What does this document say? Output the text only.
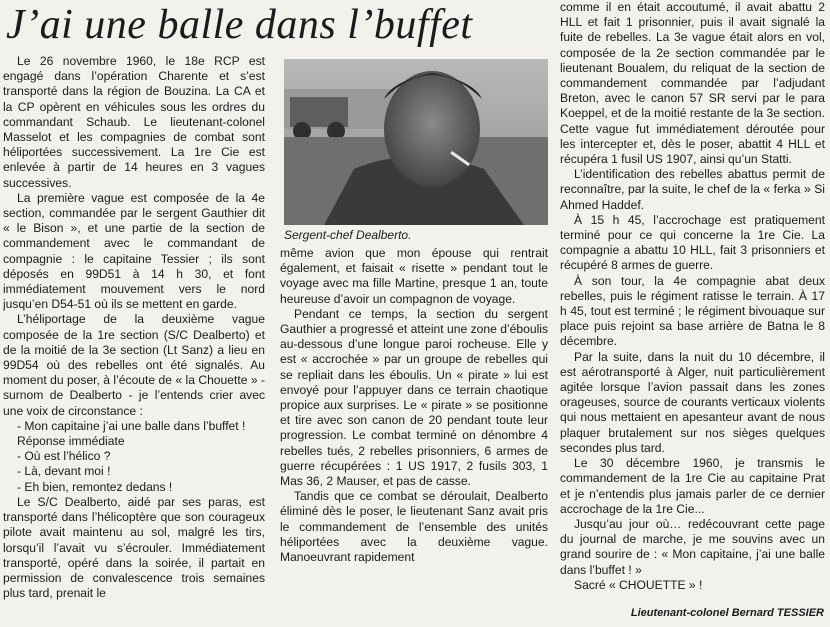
J’ai une balle dans l’buffet

Le 26 novembre 1960, le 18e RCP est engagé dans l’opération Charente et s’est transporté dans la région de Bouzina. La CA et la CP opèrent en véhicules sous les ordres du commandant Schaub. Le lieutenant-colonel Masselot et les compagnies de combat sont héliportées successivement. La 1re Cie est enlevée à partir de 14 heures en 3 vagues successives.

La première vague est composée de la 4e section, commandée par le sergent Gauthier dit « le Bison », et une partie de la section de commandement avec le commandant de compagnie : le capitaine Tessier ; ils sont déposés en 99D51 à 14 h 30, et font immédiatement mouvement vers le nord jusqu’en D54-51 où ils se mettent en garde.

L’héliportage de la deuxième vague composée de la 1re section (S/C Dealberto) et de la moitié de la 3e section (Lt Sanz) a lieu en 99D54 où des rebelles ont été signalés. Au moment du poser, à l’écoute de « la Chouette » - surnom de Dealberto - je l’entends crier avec une voix de circonstance :

- Mon capitaine j’ai une balle dans l’buffet !

Réponse immédiate

- Où est l’hélico ?

- Là, devant moi !

- Eh bien, remontez dedans !

Le S/C Dealberto, aidé par ses paras, est transporté dans l’hélicoptère que son courageux pilote avait maintenu au sol, malgré les tirs, lorsqu’il l’avait vu s’écrouler. Immédiatement transporté, opéré dans la soirée, il partait en permission de convalescence trois semaines plus tard, prenait le

Sergent-chef Dealberto.

même avion que mon épouse qui rentrait également, et faisait « risette » pendant tout le voyage avec ma fille Martine, presque 1 an, toute heureuse d’avoir un compagnon de voyage.

Pendant ce temps, la section du sergent Gauthier a progressé et atteint une zone d’éboulis au-dessous d’une longue paroi rocheuse. Elle y est « accrochée » par un groupe de rebelles qui se repliait dans les éboulis. Un « pirate » lui est envoyé pour l’appuyer dans ce terrain chaotique propice aux surprises. Le « pirate » se positionne et tire avec son canon de 20 pendant toute leur progression. Le combat terminé on dénombre 4 rebelles tués, 2 rebelles prisonniers, 6 armes de guerre récupérées : 1 US 1917, 2 fusils 303, 1 Mas 36, 2 Mauser, et pas de casse.

Tandis que ce combat se déroulait, Dealberto éliminé dès le poser, le lieutenant Sanz avait pris le commandement de l’ensemble des unités héliportées avec la deuxième vague. Manoeuvrant rapidement

comme il en était accoutumé, il avait abattu 2 HLL et fait 1 prisonnier, puis il avait signalé la fuite de rebelles. La 3e vague était alors en vol, composée de la 2e section commandée par le lieutenant Boualem, du reliquat de la section de commandement commandée par l’adjudant Breton, avec le canon 57 SR servi par le para Koeppel, et de la moitié restante de la 3e section. Cette vague fut immédiatement déroutée pour les intercepter et, dès le poser, abattit 4 HLL et récupéra 1 fusil US 1907, ainsi qu’un Statti.

L’identification des rebelles abattus permit de reconnaître, par la suite, le chef de la « ferka » Si Ahmed Haddef.

À 15 h 45, l’accrochage est pratiquement terminé pour ce qui concerne la 1re Cie. La compagnie a abattu 10 HLL, fait 3 prisonniers et récupéré 8 armes de guerre.

À son tour, la 4e compagnie abat deux rebelles, puis le régiment ratisse le terrain. À 17 h 45, tout est terminé ; le régiment bivouaque sur place puis rejoint sa base arrière de Batna le 8 décembre.

Par la suite, dans la nuit du 10 décembre, il est aérotransporté à Alger, nuit particulièrement agitée lorsque l’avion passait dans les zones orageuses, source de courants verticaux violents qui nous mettaient en apesanteur avant de nous plaquer brutalement sur nos sièges quelques secondes plus tard.

Le 30 décembre 1960, je transmis le commandement de la 1re Cie au capitaine Prat et je n’entendis plus jamais parler de ce dernier accrochage de la 1re Cie...

Jusqu’au jour où… redécouvrant cette page du journal de marche, je me souvins avec un grand sourire de : « Mon capitaine, j’ai une balle dans l’buffet ! »

Sacré « CHOUETTE » !

Lieutenant-colonel Bernard TESSIER
